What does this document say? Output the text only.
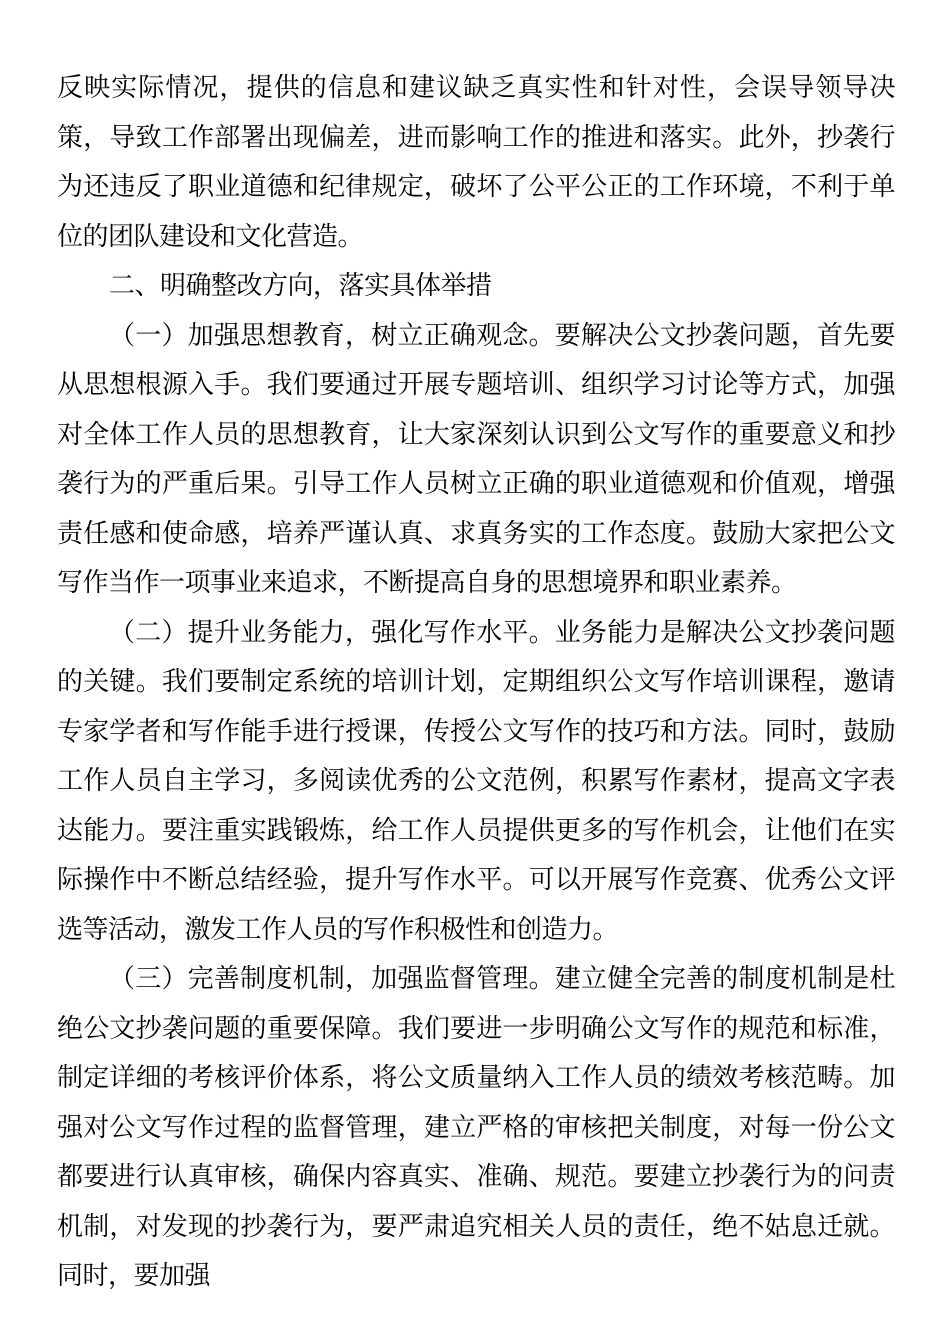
反映实际情况，提供的信息和建议缺乏真实性和针对性，会误导领导决策，导致工作部署出现偏差，进而影响工作的推进和落实。此外，抄袭行为还违反了职业道德和纪律规定，破坏了公平公正的工作环境，不利于单位的团队建设和文化营造。

二、明确整改方向，落实具体举措

（一）加强思想教育，树立正确观念。要解决公文抄袭问题，首先要从思想根源入手。我们要通过开展专题培训、组织学习讨论等方式，加强对全体工作人员的思想教育，让大家深刻认识到公文写作的重要意义和抄袭行为的严重后果。引导工作人员树立正确的职业道德观和价值观，增强责任感和使命感，培养严谨认真、求真务实的工作态度。鼓励大家把公文写作当作一项事业来追求，不断提高自身的思想境界和职业素养。

（二）提升业务能力，强化写作水平。业务能力是解决公文抄袭问题的关键。我们要制定系统的培训计划，定期组织公文写作培训课程，邀请专家学者和写作能手进行授课，传授公文写作的技巧和方法。同时，鼓励工作人员自主学习，多阅读优秀的公文范例，积累写作素材，提高文字表达能力。要注重实践锻炼，给工作人员提供更多的写作机会，让他们在实际操作中不断总结经验，提升写作水平。可以开展写作竞赛、优秀公文评选等活动，激发工作人员的写作积极性和创造力。

（三）完善制度机制，加强监督管理。建立健全完善的制度机制是杜绝公文抄袭问题的重要保障。我们要进一步明确公文写作的规范和标准，制定详细的考核评价体系，将公文质量纳入工作人员的绩效考核范畴。加强对公文写作过程的监督管理，建立严格的审核把关制度，对每一份公文都要进行认真审核，确保内容真实、准确、规范。要建立抄袭行为的问责机制，对发现的抄袭行为，要严肃追究相关人员的责任，绝不姑息迁就。同时，要加强
